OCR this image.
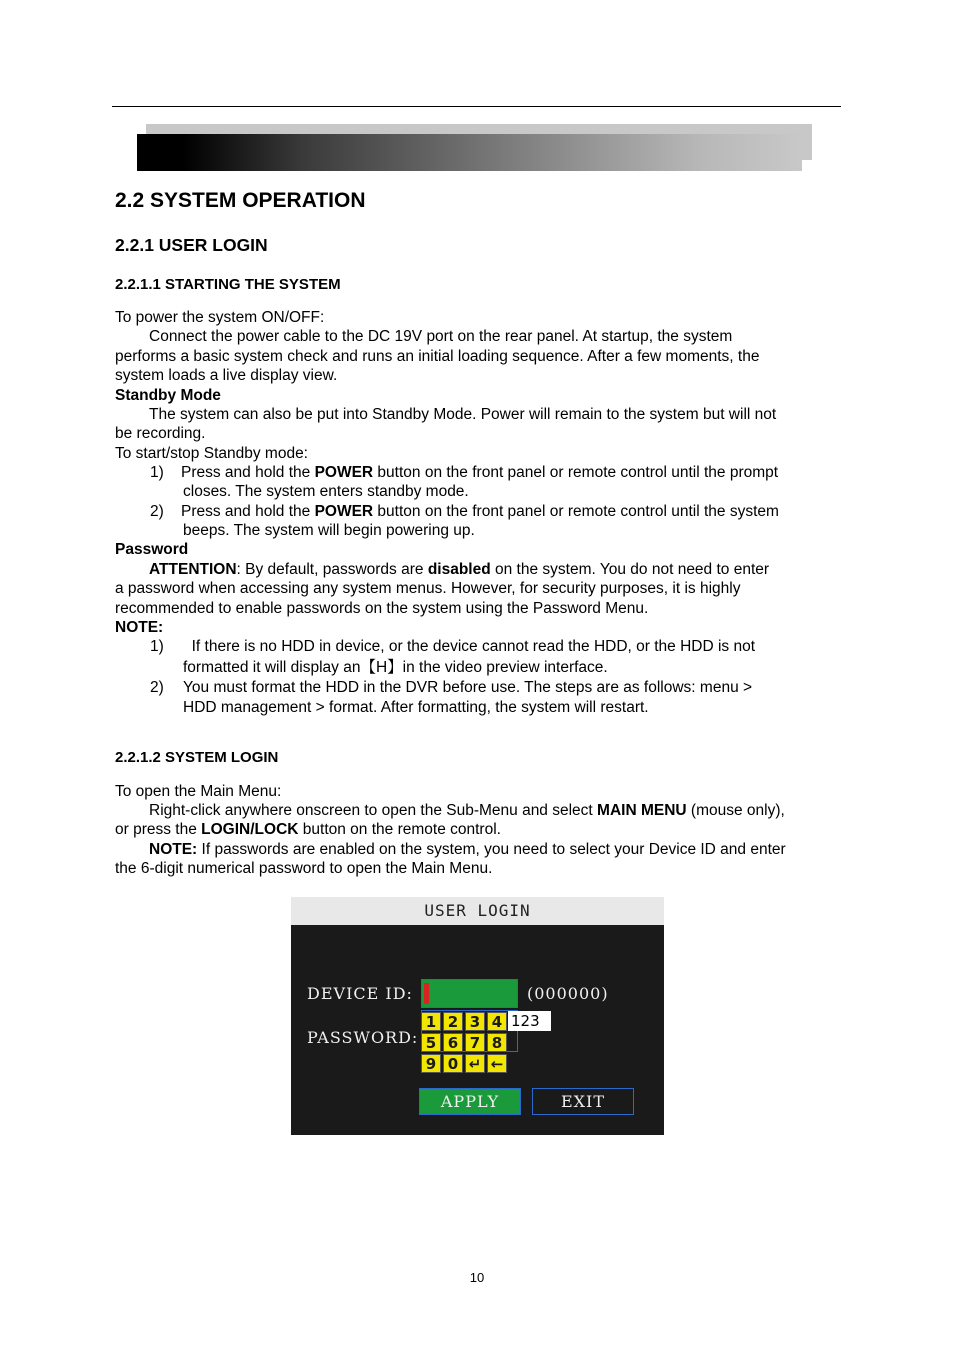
2.2 SYSTEM OPERATION
2.2.1 USER LOGIN
2.2.1.1 STARTING THE SYSTEM
To power the system ON/OFF:
Connect the power cable to the DC 19V port on the rear panel. At startup, the system
performs a basic system check and runs an initial loading sequence. After a few moments, the
system loads a live display view.
Standby Mode
The system can also be put into Standby Mode. Power will remain to the system but will not
be recording.
To start/stop Standby mode:
1) Press and hold the POWER button on the front panel or remote control until the prompt
closes. The system enters standby mode.
2) Press and hold the POWER button on the front panel or remote control until the system
beeps. The system will begin powering up.
Password
ATTENTION: By default, passwords are disabled on the system. You do not need to enter
a password when accessing any system menus. However, for security purposes, it is highly
recommended to enable passwords on the system using the Password Menu.
NOTE:
1) If there is no HDD in device, or the device cannot read the HDD, or the HDD is not
formatted it will display an【H】in the video preview interface.
2) You must format the HDD in the DVR before use. The steps are as follows: menu >
HDD management > format. After formatting, the system will restart.
2.2.1.2 SYSTEM LOGIN
To open the Main Menu:
Right-click anywhere onscreen to open the Sub-Menu and select MAIN MENU (mouse only),
or press the LOGIN/LOCK button on the remote control.
NOTE: If passwords are enabled on the system, you need to select your Device ID and enter
the 6-digit numerical password to open the Main Menu.
USER LOGIN
DEVICE ID:	(000000)
PASSWORD:
1 2 3 4 123
5 6 7 8
9 0 ↵ ←
APPLY	EXIT
10
